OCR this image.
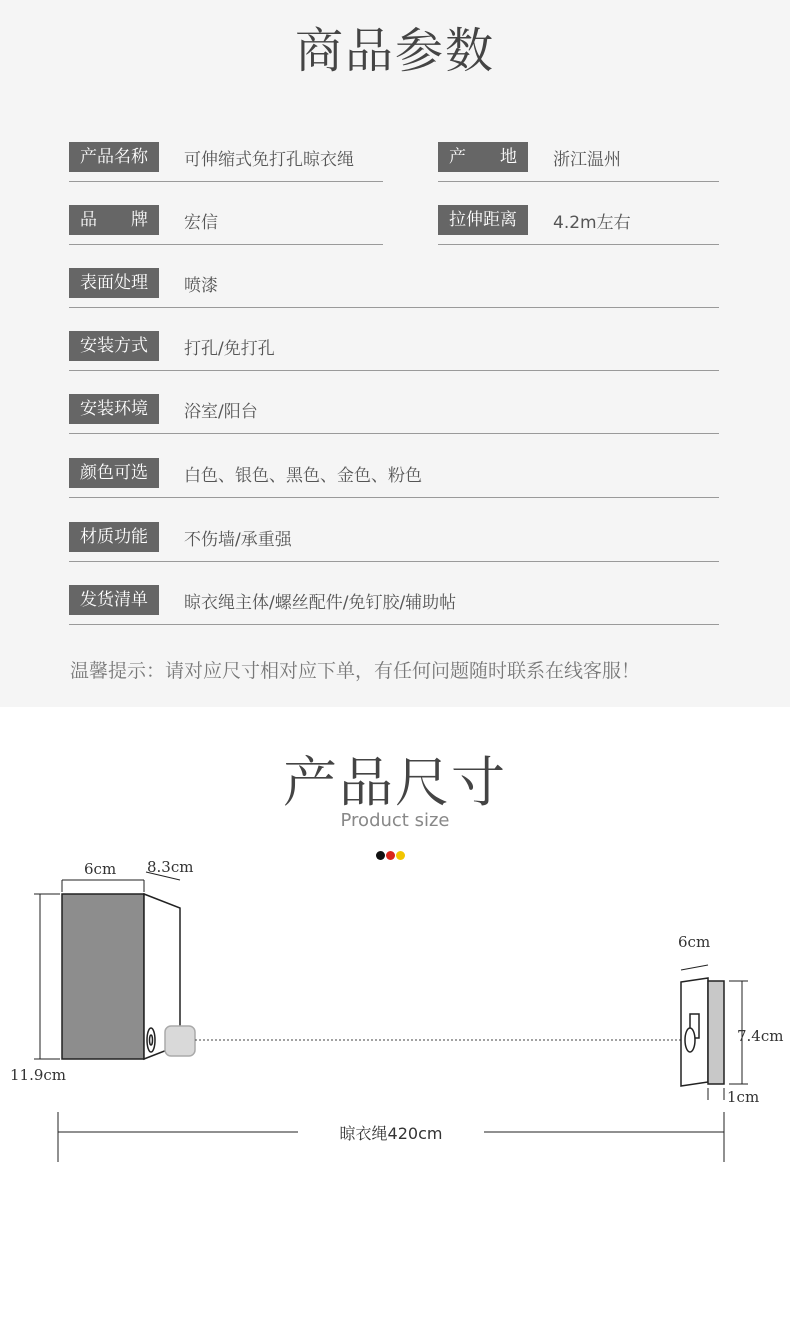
商品参数
产品名称	可伸缩式免打孔晾衣绳	产　　地	浙江温州
品　　牌	宏信	拉伸距离	4.2m左右
表面处理	喷漆
安装方式	打孔/免打孔
安装环境	浴室/阳台
颜色可选	白色、银色、黑色、金色、粉色
材质功能	不伤墙/承重强
发货清单	晾衣绳主体/螺丝配件/免钉胶/辅助帖
温馨提示：请对应尺寸相对应下单，有任何问题随时联系在线客服！
产品尺寸
Product size
6cm 8.3cm
11.9cm
6cm
7.4cm
1cm
晾衣绳420cm
